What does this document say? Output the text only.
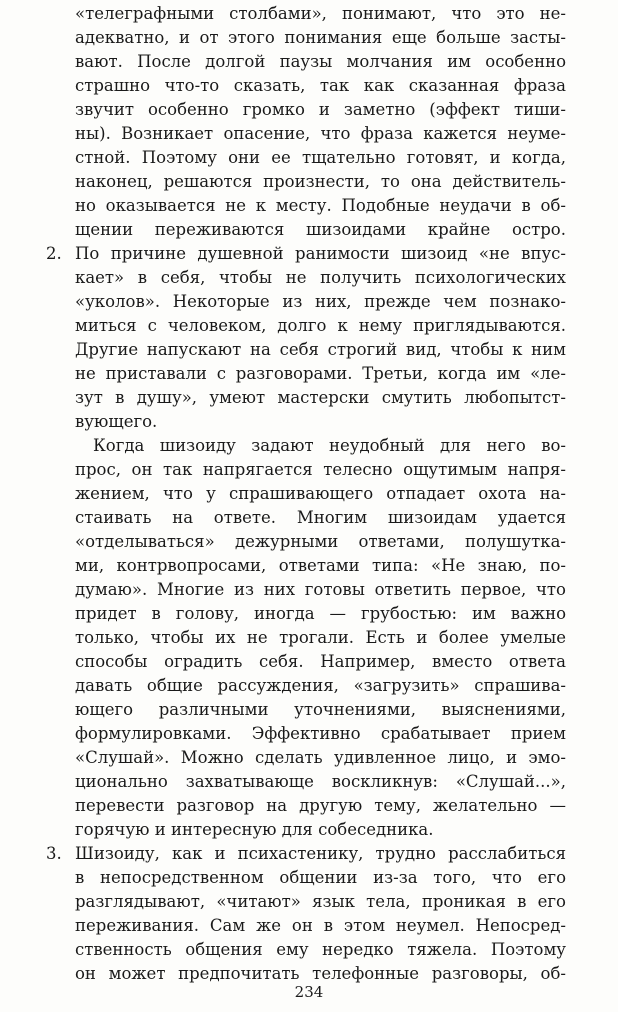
«телеграфными столбами», понимают, что это не-
адекватно, и от этого понимания еще больше засты-
вают. После долгой паузы молчания им особенно
страшно что-то сказать, так как сказанная фраза
звучит особенно громко и заметно (эффект тиши-
ны). Возникает опасение, что фраза кажется неуме-
стной. Поэтому они ее тщательно готовят, и когда,
наконец, решаются произнести, то она действитель-
но оказывается не к месту. Подобные неудачи в об-
щении переживаются шизоидами крайне остро.
2. По причине душевной ранимости шизоид «не впус-
кает» в себя, чтобы не получить психологических
«уколов». Некоторые из них, прежде чем познако-
миться с человеком, долго к нему приглядываются.
Другие напускают на себя строгий вид, чтобы к ним
не приставали с разговорами. Третьи, когда им «ле-
зут в душу», умеют мастерски смутить любопытст-
вующего.
Когда шизоиду задают неудобный для него во-
прос, он так напрягается телесно ощутимым напря-
жением, что у спрашивающего отпадает охота на-
стаивать на ответе. Многим шизоидам удается
«отделываться» дежурными ответами, полушутка-
ми, контрвопросами, ответами типа: «Не знаю, по-
думаю». Многие из них готовы ответить первое, что
придет в голову, иногда — грубостью: им важно
только, чтобы их не трогали. Есть и более умелые
способы оградить себя. Например, вместо ответа
давать общие рассуждения, «загрузить» спрашива-
ющего различными уточнениями, выяснениями,
формулировками. Эффективно срабатывает прием
«Слушай». Можно сделать удивленное лицо, и эмо-
ционально захватывающе воскликнув: «Слушай...»,
перевести разговор на другую тему, желательно —
горячую и интересную для собеседника.
3. Шизоиду, как и психастенику, трудно расслабиться
в непосредственном общении из-за того, что его
разглядывают, «читают» язык тела, проникая в его
переживания. Сам же он в этом неумел. Непосред-
ственность общения ему нередко тяжела. Поэтому
он может предпочитать телефонные разговоры, об-
234
